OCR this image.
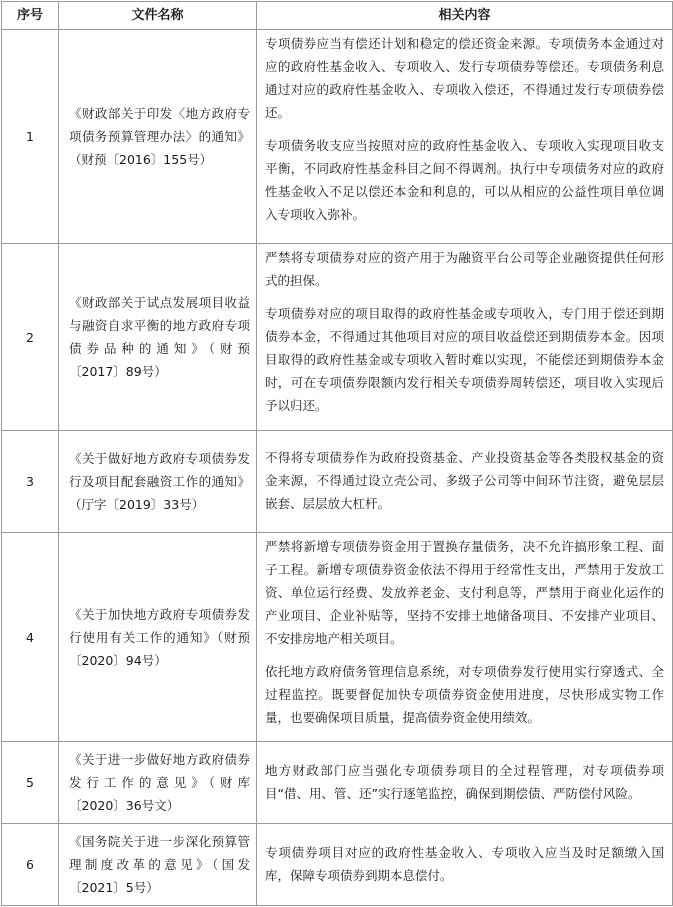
序号	文件名称	相关内容
1	《财政部关于印发〈地方政府专项债务预算管理办法〉的通知》（财预〔2016〕155号）	专项债券应当有偿还计划和稳定的偿还资金来源。专项债务本金通过对应的政府性基金收入、专项收入、发行专项债券等偿还。专项债务利息通过对应的政府性基金收入、专项收入偿还，不得通过发行专项债券偿还。

专项债务收支应当按照对应的政府性基金收入、专项收入实现项目收支平衡，不同政府性基金科目之间不得调剂。执行中专项债务对应的政府性基金收入不足以偿还本金和利息的，可以从相应的公益性项目单位调入专项收入弥补。

2	《财政部关于试点发展项目收益与融资自求平衡的地方政府专项债券品种的通知》（财预〔2017〕89号）	严禁将专项债券对应的资产用于为融资平台公司等企业融资提供任何形式的担保。

专项债券对应的项目取得的政府性基金或专项收入，专门用于偿还到期债券本金，不得通过其他项目对应的项目收益偿还到期债券本金。因项目取得的政府性基金或专项收入暂时难以实现，不能偿还到期债券本金时，可在专项债券限额内发行相关专项债券周转偿还，项目收入实现后予以归还。

3	《关于做好地方政府专项债券发行及项目配套融资工作的通知》（厅字〔2019〕33号）	不得将专项债券作为政府投资基金、产业投资基金等各类股权基金的资金来源，不得通过设立壳公司、多级子公司等中间环节注资，避免层层嵌套、层层放大杠杆。

4	《关于加快地方政府专项债券发行使用有关工作的通知》（财预〔2020〕94号）	严禁将新增专项债券资金用于置换存量债务，决不允许搞形象工程、面子工程。新增专项债券资金依法不得用于经常性支出，严禁用于发放工资、单位运行经费、发放养老金、支付利息等，严禁用于商业化运作的产业项目、企业补贴等，坚持不安排土地储备项目、不安排产业项目、不安排房地产相关项目。

依托地方政府债务管理信息系统，对专项债券发行使用实行穿透式、全过程监控。既要督促加快专项债券资金使用进度，尽快形成实物工作量，也要确保项目质量，提高债券资金使用绩效。

5	《关于进一步做好地方政府债券发行工作的意见》（财库〔2020〕36号文）	地方财政部门应当强化专项债券项目的全过程管理，对专项债券项目“借、用、管、还”实行逐笔监控，确保到期偿债、严防偿付风险。

6	《国务院关于进一步深化预算管理制度改革的意见》（国发〔2021〕5号）	专项债券项目对应的政府性基金收入、专项收入应当及时足额缴入国库，保障专项债券到期本息偿付。
